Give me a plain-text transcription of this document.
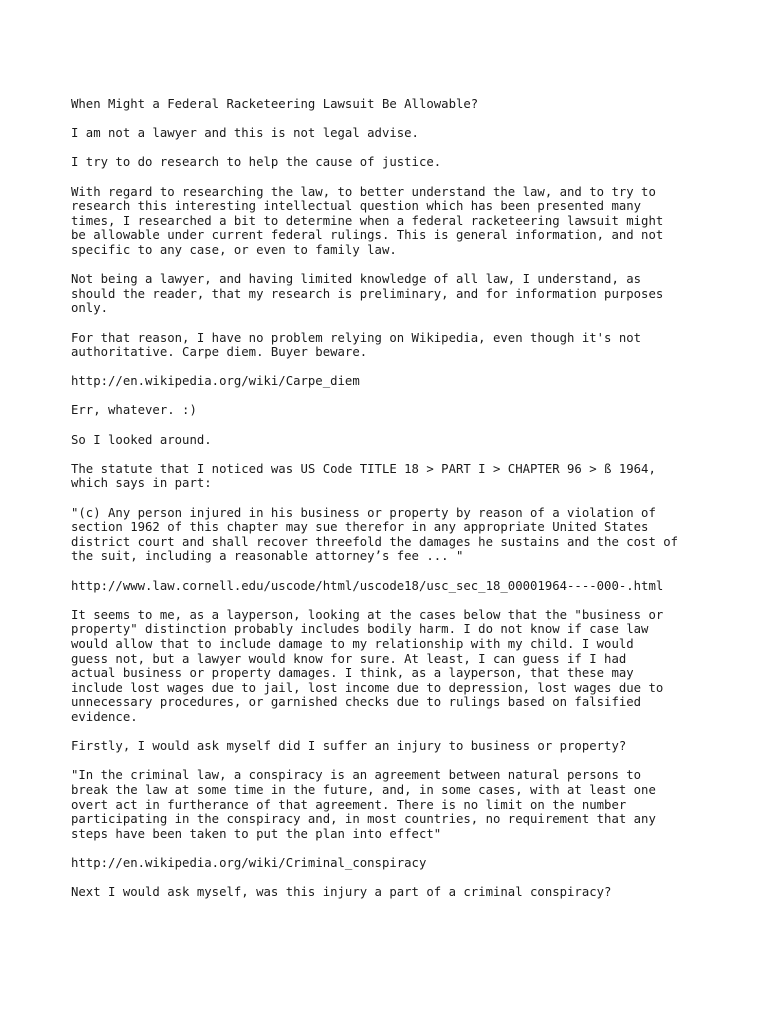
When Might a Federal Racketeering Lawsuit Be Allowable?

I am not a lawyer and this is not legal advise.

I try to do research to help the cause of justice.

With regard to researching the law, to better understand the law, and to try to
research this interesting intellectual question which has been presented many
times, I researched a bit to determine when a federal racketeering lawsuit might
be allowable under current federal rulings. This is general information, and not
specific to any case, or even to family law.

Not being a lawyer, and having limited knowledge of all law, I understand, as
should the reader, that my research is preliminary, and for information purposes
only.

For that reason, I have no problem relying on Wikipedia, even though it's not
authoritative. Carpe diem. Buyer beware.

http://en.wikipedia.org/wiki/Carpe_diem

Err, whatever. :)

So I looked around.

The statute that I noticed was US Code TITLE 18 > PART I > CHAPTER 96 > ß 1964,
which says in part:

"(c) Any person injured in his business or property by reason of a violation of
section 1962 of this chapter may sue therefor in any appropriate United States
district court and shall recover threefold the damages he sustains and the cost of
the suit, including a reasonable attorney’s fee ... "

http://www.law.cornell.edu/uscode/html/uscode18/usc_sec_18_00001964----000-.html

It seems to me, as a layperson, looking at the cases below that the "business or
property" distinction probably includes bodily harm. I do not know if case law
would allow that to include damage to my relationship with my child. I would
guess not, but a lawyer would know for sure. At least, I can guess if I had
actual business or property damages. I think, as a layperson, that these may
include lost wages due to jail, lost income due to depression, lost wages due to
unnecessary procedures, or garnished checks due to rulings based on falsified
evidence.

Firstly, I would ask myself did I suffer an injury to business or property?

"In the criminal law, a conspiracy is an agreement between natural persons to
break the law at some time in the future, and, in some cases, with at least one
overt act in furtherance of that agreement. There is no limit on the number
participating in the conspiracy and, in most countries, no requirement that any
steps have been taken to put the plan into effect"

http://en.wikipedia.org/wiki/Criminal_conspiracy

Next I would ask myself, was this injury a part of a criminal conspiracy?
